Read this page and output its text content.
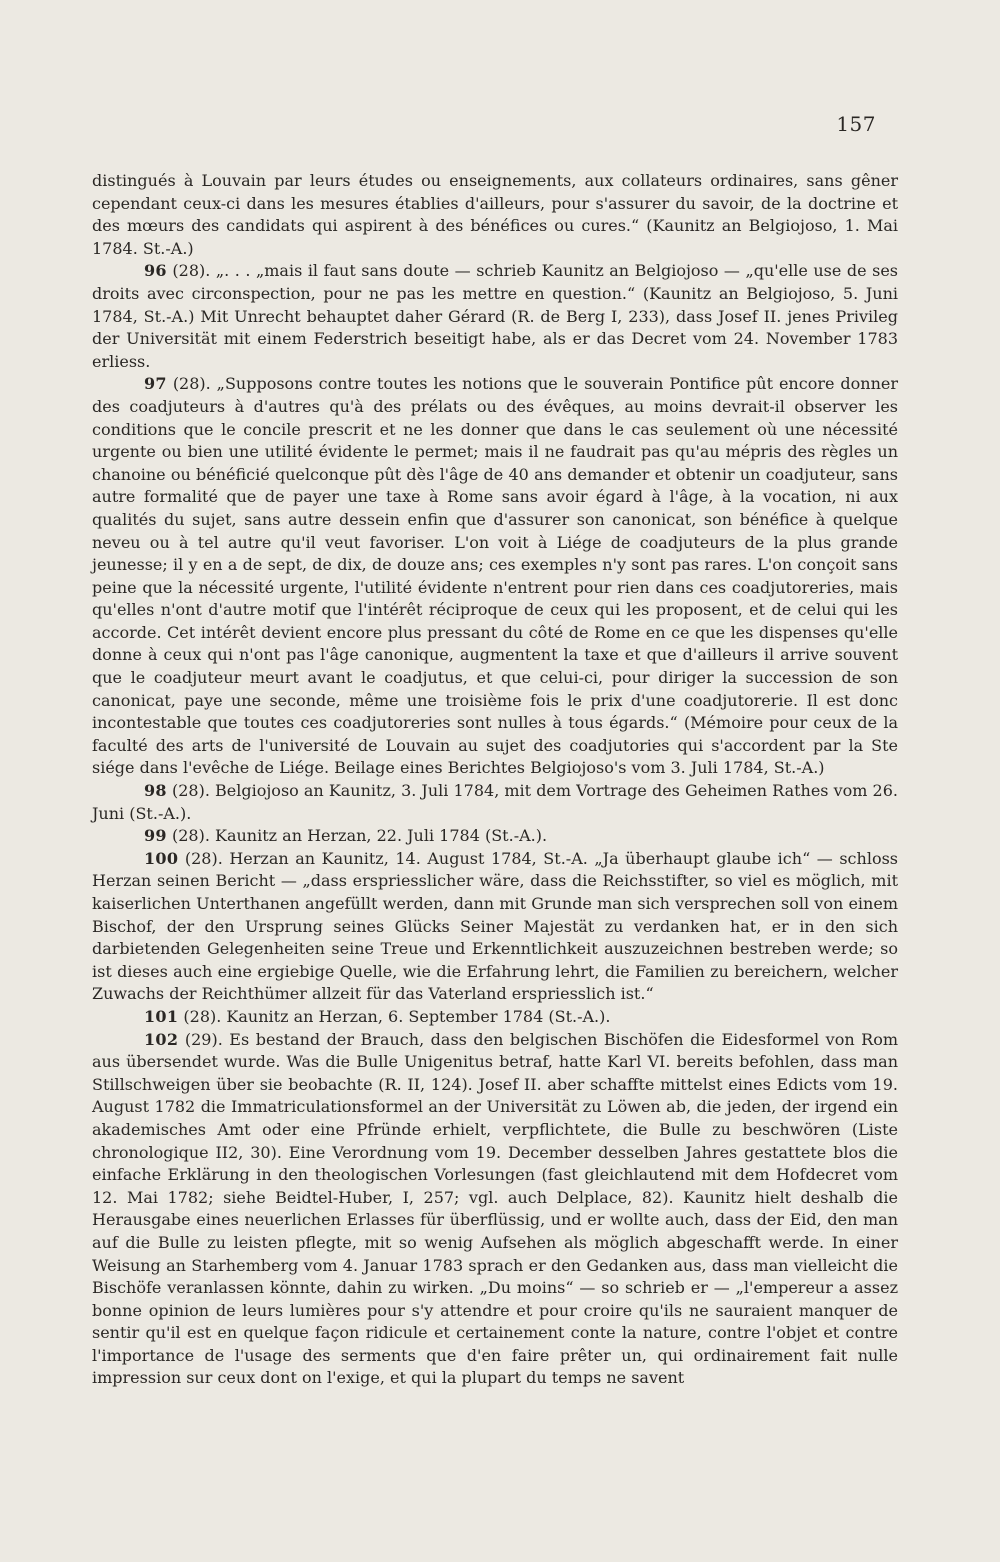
157

distingués à Louvain par leurs études ou enseignements, aux collateurs ordinaires, sans gêner cependant ceux-ci dans les mesures établies d'ailleurs, pour s'assurer du savoir, de la doctrine et des mœurs des candidats qui aspirent à des bénéfices ou cures.“ (Kaunitz an Belgiojoso, 1. Mai 1784. St.-A.)

96 (28). „. . . „mais il faut sans doute — schrieb Kaunitz an Belgiojoso — „qu'elle use de ses droits avec circonspection, pour ne pas les mettre en question.“ (Kaunitz an Belgiojoso, 5. Juni 1784, St.-A.) Mit Unrecht behauptet daher Gérard (R. de Berg I, 233), dass Josef II. jenes Privileg der Universität mit einem Federstrich beseitigt habe, als er das Decret vom 24. November 1783 erliess.

97 (28). „Supposons contre toutes les notions que le souverain Pontifice pût encore donner des coadjuteurs à d'autres qu'à des prélats ou des évêques, au moins devrait-il observer les conditions que le concile prescrit et ne les donner que dans le cas seulement où une nécessité urgente ou bien une utilité évidente le permet; mais il ne faudrait pas qu'au mépris des règles un chanoine ou bénéficié quelconque pût dès l'âge de 40 ans demander et obtenir un coadjuteur, sans autre formalité que de payer une taxe à Rome sans avoir égard à l'âge, à la vocation, ni aux qualités du sujet, sans autre dessein enfin que d'assurer son canonicat, son bénéfice à quelque neveu ou à tel autre qu'il veut favoriser. L'on voit à Liége de coadjuteurs de la plus grande jeunesse; il y en a de sept, de dix, de douze ans; ces exemples n'y sont pas rares. L'on conçoit sans peine que la nécessité urgente, l'utilité évidente n'entrent pour rien dans ces coadjutoreries, mais qu'elles n'ont d'autre motif que l'intérêt réciproque de ceux qui les proposent, et de celui qui les accorde. Cet intérêt devient encore plus pressant du côté de Rome en ce que les dispenses qu'elle donne à ceux qui n'ont pas l'âge canonique, augmentent la taxe et que d'ailleurs il arrive souvent que le coadjuteur meurt avant le coadjutus, et que celui-ci, pour diriger la succession de son canonicat, paye une seconde, même une troisième fois le prix d'une coadjutorerie. Il est donc incontestable que toutes ces coadjutoreries sont nulles à tous égards.“ (Mémoire pour ceux de la faculté des arts de l'université de Louvain au sujet des coadjutories qui s'accordent par la Ste siége dans l'evêche de Liége. Beilage eines Berichtes Belgiojoso's vom 3. Juli 1784, St.-A.)

98 (28). Belgiojoso an Kaunitz, 3. Juli 1784, mit dem Vortrage des Geheimen Rathes vom 26. Juni (St.-A.).

99 (28). Kaunitz an Herzan, 22. Juli 1784 (St.-A.).

100 (28). Herzan an Kaunitz, 14. August 1784, St.-A. „Ja überhaupt glaube ich“ — schloss Herzan seinen Bericht — „dass erspriesslicher wäre, dass die Reichsstifter, so viel es möglich, mit kaiserlichen Unterthanen angefüllt werden, dann mit Grunde man sich versprechen soll von einem Bischof, der den Ursprung seines Glücks Seiner Majestät zu verdanken hat, er in den sich darbietenden Gelegenheiten seine Treue und Erkenntlichkeit auszuzeichnen bestreben werde; so ist dieses auch eine ergiebige Quelle, wie die Erfahrung lehrt, die Familien zu bereichern, welcher Zuwachs der Reichthümer allzeit für das Vaterland erspriesslich ist.“

101 (28). Kaunitz an Herzan, 6. September 1784 (St.-A.).

102 (29). Es bestand der Brauch, dass den belgischen Bischöfen die Eidesformel von Rom aus übersendet wurde. Was die Bulle Unigenitus betraf, hatte Karl VI. bereits befohlen, dass man Stillschweigen über sie beobachte (R. II, 124). Josef II. aber schaffte mittelst eines Edicts vom 19. August 1782 die Immatriculationsformel an der Universität zu Löwen ab, die jeden, der irgend ein akademisches Amt oder eine Pfründe erhielt, verpflichtete, die Bulle zu beschwören (Liste chronologique II2, 30). Eine Verordnung vom 19. December desselben Jahres gestattete blos die einfache Erklärung in den theologischen Vorlesungen (fast gleichlautend mit dem Hofdecret vom 12. Mai 1782; siehe Beidtel-Huber, I, 257; vgl. auch Delplace, 82). Kaunitz hielt deshalb die Herausgabe eines neuerlichen Erlasses für überflüssig, und er wollte auch, dass der Eid, den man auf die Bulle zu leisten pflegte, mit so wenig Aufsehen als möglich abgeschafft werde. In einer Weisung an Starhemberg vom 4. Januar 1783 sprach er den Gedanken aus, dass man vielleicht die Bischöfe veranlassen könnte, dahin zu wirken. „Du moins“ — so schrieb er — „l'empereur a assez bonne opinion de leurs lumières pour s'y attendre et pour croire qu'ils ne sauraient manquer de sentir qu'il est en quelque façon ridicule et certainement conte la nature, contre l'objet et contre l'importance de l'usage des serments que d'en faire prêter un, qui ordinairement fait nulle impression sur ceux dont on l'exige, et qui la plupart du temps ne savent
